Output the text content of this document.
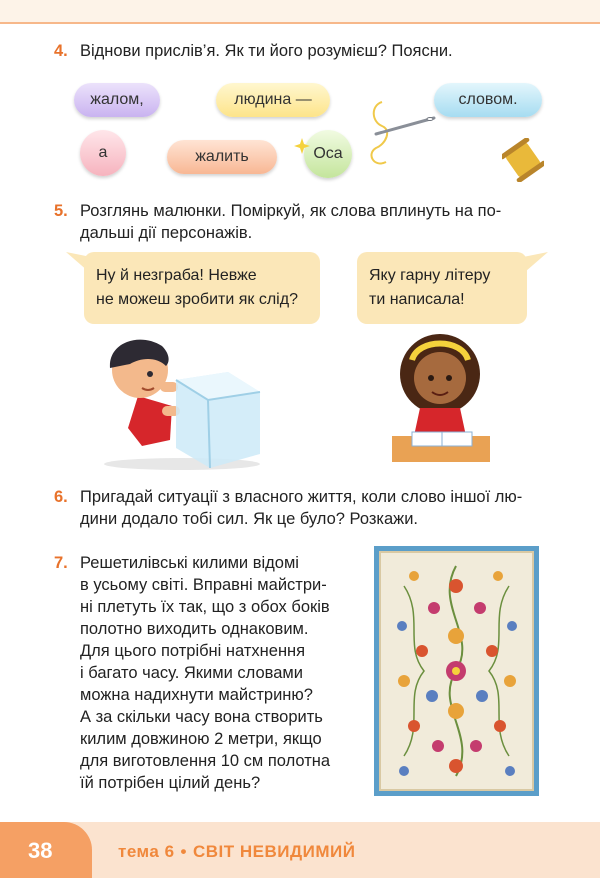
4. Віднови прислів’я. Як ти його розумієш? Поясни.
жалом,	людина —	словом.
а	жалить	Оса
5. Розглянь малюнки. Поміркуй, як слова вплинуть на по-
дальші дії персонажів.
Ну й незграба! Невже
не можеш зробити як слід?
Яку гарну літеру
ти написала!
6. Пригадай ситуації з власного життя, коли слово іншої лю-
дини додало тобі сил. Як це було? Розкажи.
7. Решетилівські килими відомі
в усьому світі. Вправні майстри-
ні плетуть їх так, що з обох боків
полотно виходить однаковим.
Для цього потрібні натхнення
і багато часу. Якими словами
можна надихнути майстриню?
А за скільки часу вона створить
килим довжиною 2 метри, якщо
для виготовлення 10 см полотна
їй потрібен цілий день?
38	тема 6 • СВІТ НЕВИДИМИЙ
